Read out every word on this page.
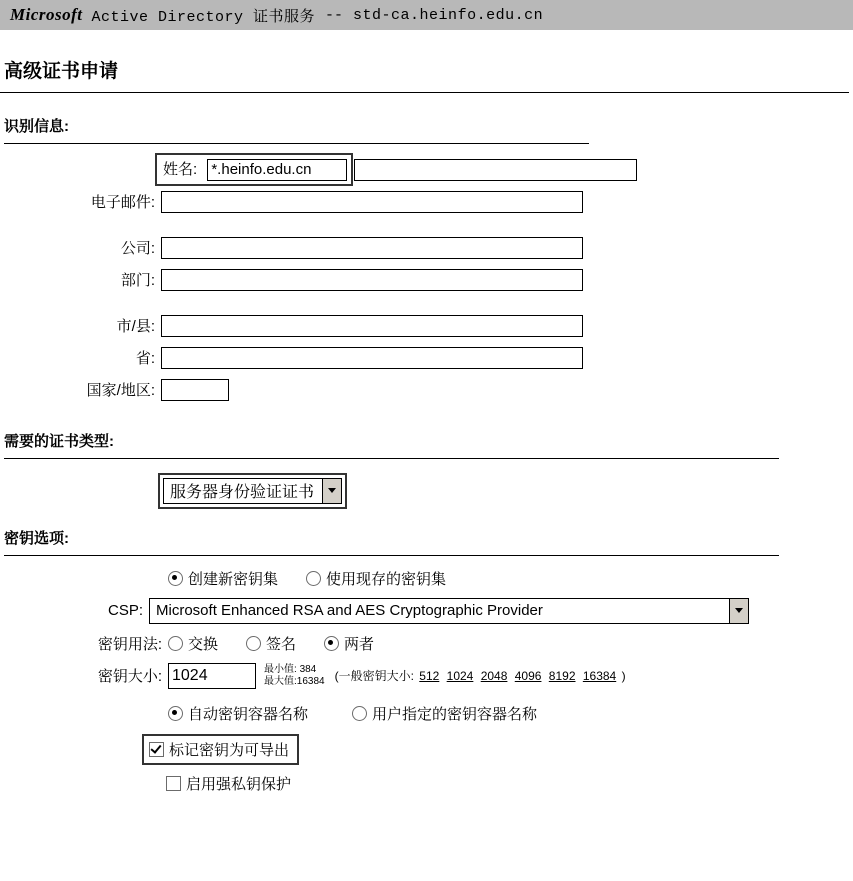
Microsoft Active Directory 证书服务 -- std-ca.heinfo.edu.cn
高级证书申请
识别信息:
	姓名: *.heinfo.edu.cn
电子邮件:	
公司:	
部门:	
市/县:	
省:	
国家/地区:	
需要的证书类型:
服务器身份验证证书
密钥选项:
创建新密钥集	使用现存的密钥集
CSP: Microsoft Enhanced RSA and AES Cryptographic Provider
密钥用法:	交换	签名	两者
密钥大小:
1024	最小值: 384
最大值:16384 (一般密钥大小: 512 1024 2048 4096 8192 16384 )
自动密钥容器名称	用户指定的密钥容器名称
标记密钥为可导出
启用强私钥保护
